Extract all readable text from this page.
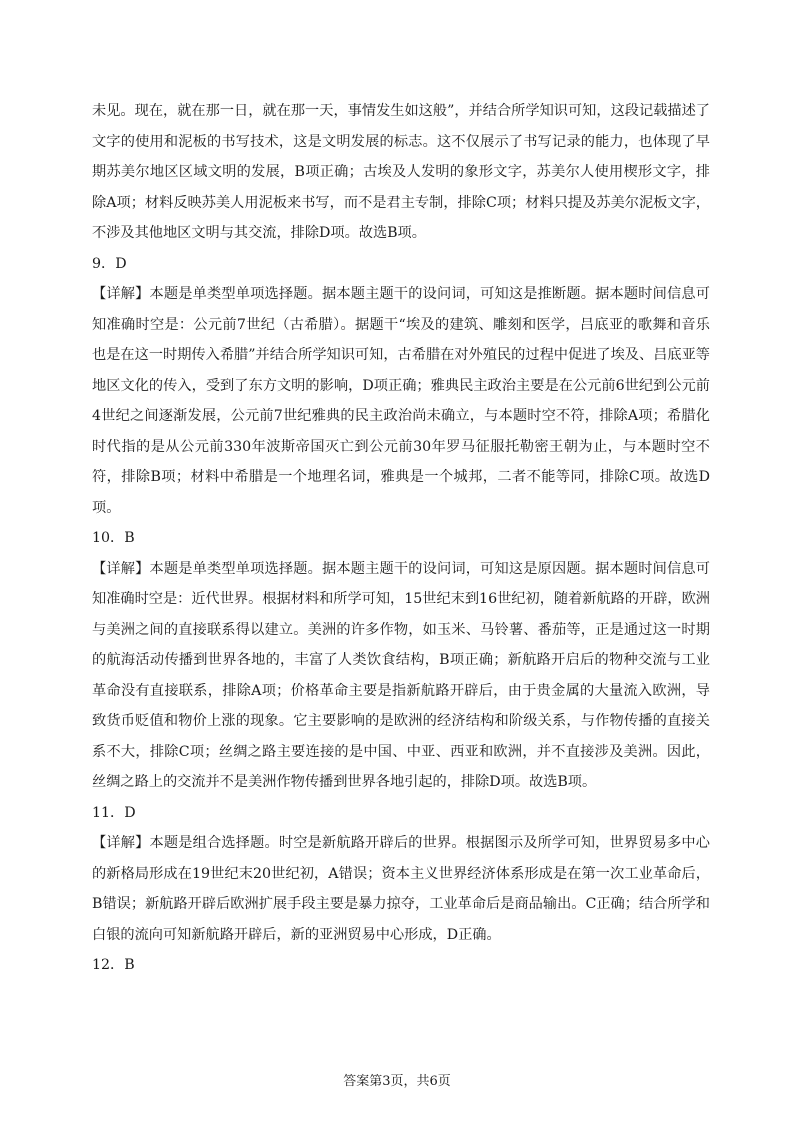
未见。现在，就在那一日，就在那一天，事情发生如这般”，并结合所学知识可知，这段记载描述了文字的使用和泥板的书写技术，这是文明发展的标志。这不仅展示了书写记录的能力，也体现了早期苏美尔地区区域文明的发展，B项正确；古埃及人发明的象形文字，苏美尔人使用楔形文字，排除A项；材料反映苏美人用泥板来书写，而不是君主专制，排除C项；材料只提及苏美尔泥板文字，不涉及其他地区文明与其交流，排除D项。故选B项。

9．D

【详解】本题是单类型单项选择题。据本题主题干的设问词，可知这是推断题。据本题时间信息可知准确时空是：公元前7世纪（古希腊）。据题干“埃及的建筑、雕刻和医学，吕底亚的歌舞和音乐也是在这一时期传入希腊”并结合所学知识可知，古希腊在对外殖民的过程中促进了埃及、吕底亚等地区文化的传入，受到了东方文明的影响，D项正确；雅典民主政治主要是在公元前6世纪到公元前4世纪之间逐渐发展，公元前7世纪雅典的民主政治尚未确立，与本题时空不符，排除A项；希腊化时代指的是从公元前330年波斯帝国灭亡到公元前30年罗马征服托勒密王朝为止，与本题时空不符，排除B项；材料中希腊是一个地理名词，雅典是一个城邦，二者不能等同，排除C项。故选D项。

10．B

【详解】本题是单类型单项选择题。据本题主题干的设问词，可知这是原因题。据本题时间信息可知准确时空是：近代世界。根据材料和所学可知，15世纪末到16世纪初，随着新航路的开辟，欧洲与美洲之间的直接联系得以建立。美洲的许多作物，如玉米、马铃薯、番茄等，正是通过这一时期的航海活动传播到世界各地的，丰富了人类饮食结构，B项正确；新航路开启后的物种交流与工业革命没有直接联系，排除A项；价格革命主要是指新航路开辟后，由于贵金属的大量流入欧洲，导致货币贬值和物价上涨的现象。它主要影响的是欧洲的经济结构和阶级关系，与作物传播的直接关系不大，排除C项；丝绸之路主要连接的是中国、中亚、西亚和欧洲，并不直接涉及美洲。因此，丝绸之路上的交流并不是美洲作物传播到世界各地引起的，排除D项。故选B项。

11．D

【详解】本题是组合选择题。时空是新航路开辟后的世界。根据图示及所学可知，世界贸易多中心的新格局形成在19世纪末20世纪初，A错误；资本主义世界经济体系形成是在第一次工业革命后，B错误；新航路开辟后欧洲扩展手段主要是暴力掠夺，工业革命后是商品输出。C正确；结合所学和白银的流向可知新航路开辟后，新的亚洲贸易中心形成，D正确。

12．B

答案第3页，共6页
